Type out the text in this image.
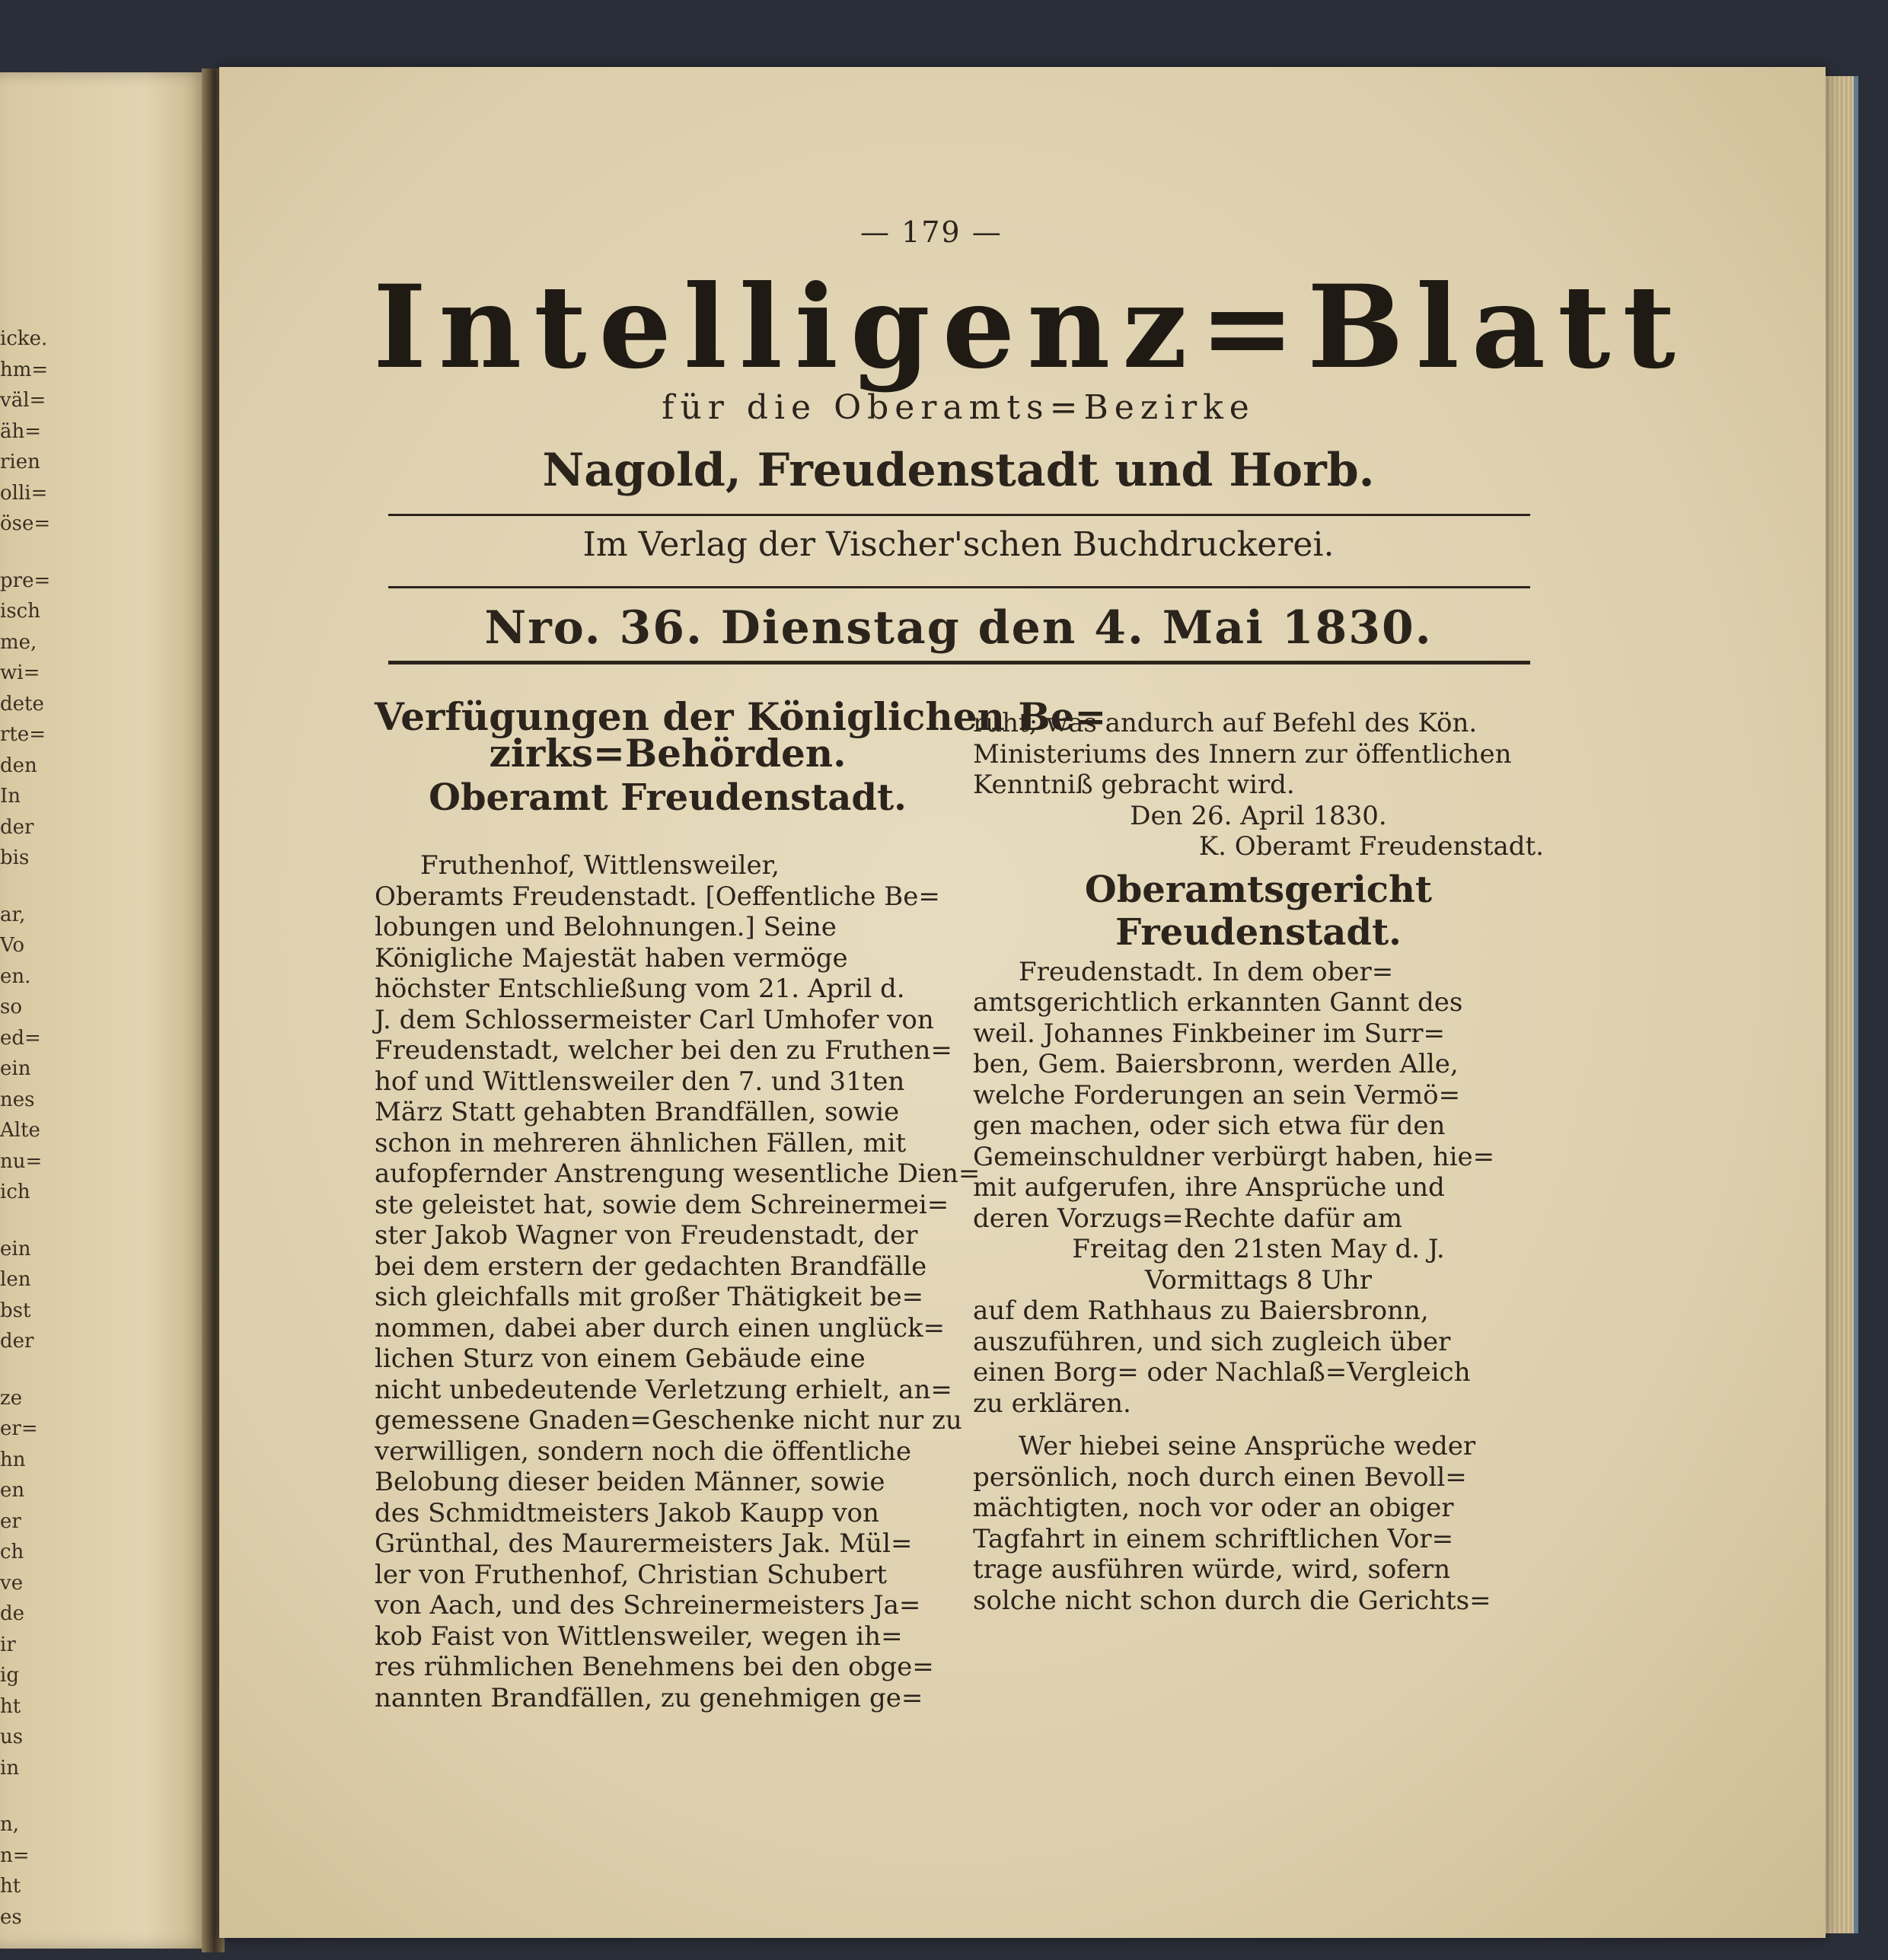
icke.
hm=
väl=
äh=
rien
olli=
öse=
pre=
isch
me,
wi=
dete
rte=
den
In
der
bis
ar,
Vo
en.
so
ed=
ein
nes
Alte
nu=
ich
ein
len
bst
der
ze
er=
hn
en
er
ch
ve
de
ir
ig
ht
us
in
n,
n=
ht
es
— 179 —
Intelligenz=Blatt
für die Oberamts=Bezirke
Nagold, Freudenstadt und Horb.
Im Verlag der Vischer'schen Buchdruckerei.
Nro. 36. Dienstag den 4. Mai 1830.
Verfügungen der Königlichen Be=
zirks=Behörden.
Oberamt Freudenstadt.
Fruthenhof, Wittlensweiler,
Oberamts Freudenstadt. [Oeffentliche Be=
lobungen und Belohnungen.] Seine
Königliche Majestät haben vermöge
höchster Entschließung vom 21. April d.
J. dem Schlossermeister Carl Umhofer von
Freudenstadt, welcher bei den zu Fruthen=
hof und Wittlensweiler den 7. und 31ten
März Statt gehabten Brandfällen, sowie
schon in mehreren ähnlichen Fällen, mit
aufopfernder Anstrengung wesentliche Dien=
ste geleistet hat, sowie dem Schreinermei=
ster Jakob Wagner von Freudenstadt, der
bei dem erstern der gedachten Brandfälle
sich gleichfalls mit großer Thätigkeit be=
nommen, dabei aber durch einen unglück=
lichen Sturz von einem Gebäude eine
nicht unbedeutende Verletzung erhielt, an=
gemessene Gnaden=Geschenke nicht nur zu
verwilligen, sondern noch die öffentliche
Belobung dieser beiden Männer, sowie
des Schmidtmeisters Jakob Kaupp von
Grünthal, des Maurermeisters Jak. Mül=
ler von Fruthenhof, Christian Schubert
von Aach, und des Schreinermeisters Ja=
kob Faist von Wittlensweiler, wegen ih=
res rühmlichen Benehmens bei den obge=
nannten Brandfällen, zu genehmigen ge=
ruht; was andurch auf Befehl des Kön.
Ministeriums des Innern zur öffentlichen
Kenntniß gebracht wird.
Den 26. April 1830.
K. Oberamt Freudenstadt.
Oberamtsgericht Freudenstadt.
Freudenstadt. In dem ober=
amtsgerichtlich erkannten Gannt des
weil. Johannes Finkbeiner im Surr=
ben, Gem. Baiersbronn, werden Alle,
welche Forderungen an sein Vermö=
gen machen, oder sich etwa für den
Gemeinschuldner verbürgt haben, hie=
mit aufgerufen, ihre Ansprüche und
deren Vorzugs=Rechte dafür am
Freitag den 21sten May d. J.
Vormittags 8 Uhr
auf dem Rathhaus zu Baiersbronn,
auszuführen, und sich zugleich über
einen Borg= oder Nachlaß=Vergleich
zu erklären.
Wer hiebei seine Ansprüche weder
persönlich, noch durch einen Bevoll=
mächtigten, noch vor oder an obiger
Tagfahrt in einem schriftlichen Vor=
trage ausführen würde, wird, sofern
solche nicht schon durch die Gerichts=
